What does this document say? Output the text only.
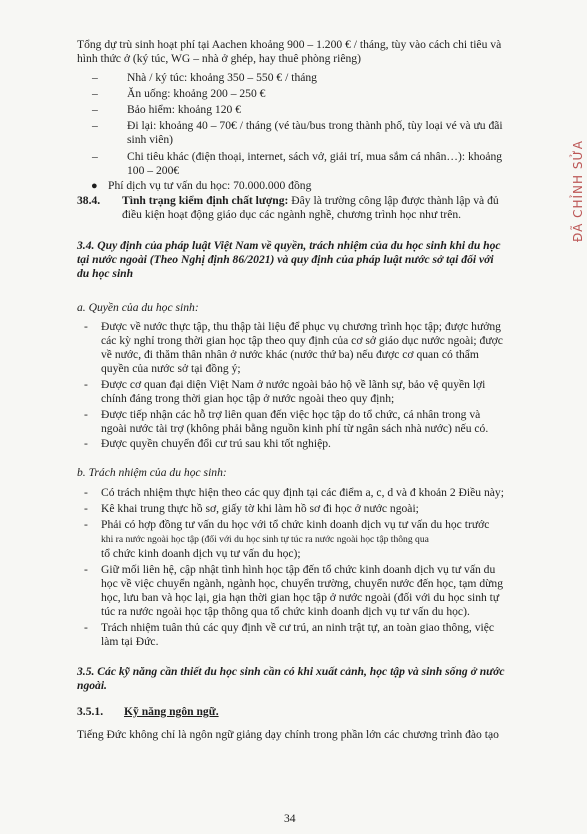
Tổng dự trù sinh hoạt phí tại Aachen khoảng 900 – 1.200 € / tháng, tùy vào cách chi tiêu và
hình thức ở (ký túc, WG – nhà ở ghép, hay thuê phòng riêng)
–	Nhà / ký túc: khoảng 350 – 550 € / tháng
–	Ăn uống: khoảng 200 – 250 €
–	Bảo hiểm: khoảng 120 €
–	Đi lại: khoảng 40 – 70€ / tháng (vé tàu/bus trong thành phố, tùy loại vé và ưu đãi
sinh viên)
–	Chi tiêu khác (điện thoại, internet, sách vở, giải trí, mua sắm cá nhân…): khoảng
100 – 200€
● Phí dịch vụ tư vấn du học: 70.000.000 đồng
38.4. Tình trạng kiểm định chất lượng: Đây là trường công lập được thành lập và đủ
điều kiện hoạt động giáo dục các ngành nghề, chương trình học như trên.
3.4. Quy định của pháp luật Việt Nam về quyền, trách nhiệm của du học sinh khi du học
tại nước ngoài (Theo Nghị định 86/2021) và quy định của pháp luật nước sở tại đối với
du học sinh
a. Quyền của du học sinh:
- Được về nước thực tập, thu thập tài liệu để phục vụ chương trình học tập; được hưởng
các kỳ nghỉ trong thời gian học tập theo quy định của cơ sở giáo dục nước ngoài; được
về nước, đi thăm thân nhân ở nước khác (nước thứ ba) nếu được cơ quan có thẩm
quyền của nước sở tại đồng ý;
- Được cơ quan đại diện Việt Nam ở nước ngoài bảo hộ về lãnh sự, bảo vệ quyền lợi
chính đáng trong thời gian học tập ở nước ngoài theo quy định;
- Được tiếp nhận các hỗ trợ liên quan đến việc học tập do tổ chức, cá nhân trong và
ngoài nước tài trợ (không phải bằng nguồn kinh phí từ ngân sách nhà nước) nếu có.
- Được quyền chuyển đổi cư trú sau khi tốt nghiệp.
b. Trách nhiệm của du học sinh:
- Có trách nhiệm thực hiện theo các quy định tại các điểm a, c, d và đ khoản 2 Điều này;
- Kê khai trung thực hồ sơ, giấy tờ khi làm hồ sơ đi học ở nước ngoài;
- Phải có hợp đồng tư vấn du học với tổ chức kinh doanh dịch vụ tư vấn du học trước
khi ra nước ngoài học tập (đối với du học sinh tự túc ra nước ngoài học tập thông qua
tổ chức kinh doanh dịch vụ tư vấn du học);
- Giữ mối liên hệ, cập nhật tình hình học tập đến tổ chức kinh doanh dịch vụ tư vấn du
học về việc chuyển ngành, ngành học, chuyển trường, chuyển nước đến học, tạm dừng
học, lưu ban và học lại, gia hạn thời gian học tập ở nước ngoài (đối với du học sinh tự
túc ra nước ngoài học tập thông qua tổ chức kinh doanh dịch vụ tư vấn du học).
- Trách nhiệm tuân thủ các quy định về cư trú, an ninh trật tự, an toàn giao thông, việc
làm tại Đức.
3.5. Các kỹ năng cần thiết du học sinh cần có khi xuất cảnh, học tập và sinh sống ở nước
ngoài.
3.5.1. Kỹ năng ngôn ngữ.
Tiếng Đức không chỉ là ngôn ngữ giảng dạy chính trong phần lớn các chương trình đào tạo
34
ĐÃ CHỈNH SỬA
